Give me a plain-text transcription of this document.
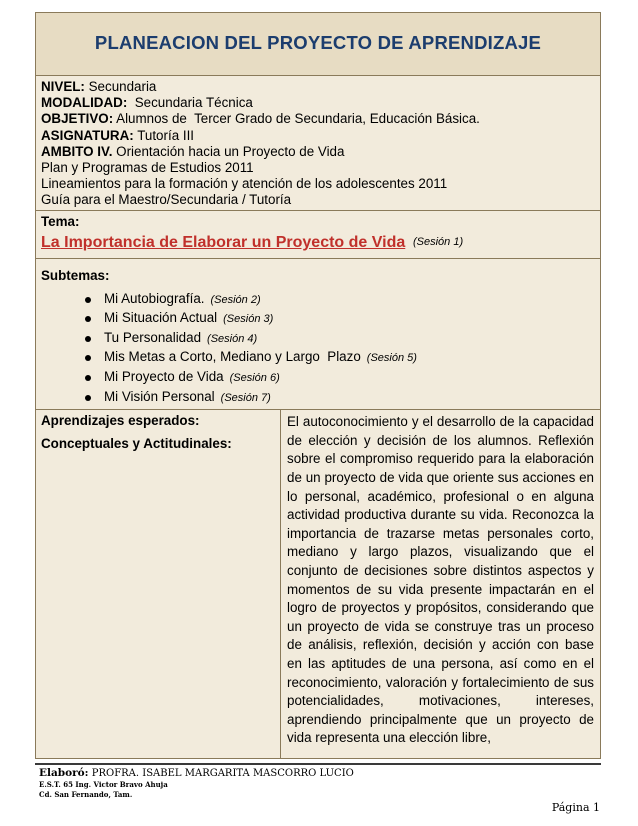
PLANEACION DEL PROYECTO DE APRENDIZAJE
NIVEL: Secundaria
MODALIDAD:  Secundaria Técnica
OBJETIVO: Alumnos de  Tercer Grado de Secundaria, Educación Básica.
ASIGNATURA: Tutoría III
AMBITO IV. Orientación hacia un Proyecto de Vida
Plan y Programas de Estudios 2011
Lineamientos para la formación y atención de los adolescentes 2011
Guía para el Maestro/Secundaria / Tutoría
Tema:
La Importancia de Elaborar un Proyecto de Vida (Sesión 1)
Subtemas:
Mi Autobiografía. (Sesión 2)
Mi Situación Actual (Sesión 3)
Tu Personalidad (Sesión 4)
Mis Metas a Corto, Mediano y Largo  Plazo (Sesión 5)
Mi Proyecto de Vida (Sesión 6)
Mi Visión Personal (Sesión 7)
Aprendizajes esperados:
Conceptuales y Actitudinales:

El autoconocimiento y el desarrollo de la capacidad de elección y decisión de los alumnos. Reflexión sobre el compromiso requerido para la elaboración de un proyecto de vida que oriente sus acciones en lo personal, académico, profesional o en alguna actividad productiva durante su vida. Reconozca la importancia de trazarse metas personales corto, mediano y largo plazos, visualizando que el conjunto de decisiones sobre distintos aspectos y momentos de su vida presente impactarán en el logro de proyectos y propósitos, considerando que un proyecto de vida se construye tras un proceso de análisis, reflexión, decisión y acción con base en las aptitudes de una persona, así como en el reconocimiento, valoración y fortalecimiento de sus potencialidades, motivaciones, intereses, aprendiendo principalmente que un proyecto de vida representa una elección libre,

Elaboró: PROFRA. ISABEL MARGARITA MASCORRO LUCIO
E.S.T. 65 Ing. Victor Bravo Ahuja
Cd. San Fernando, Tam.
Página 1
